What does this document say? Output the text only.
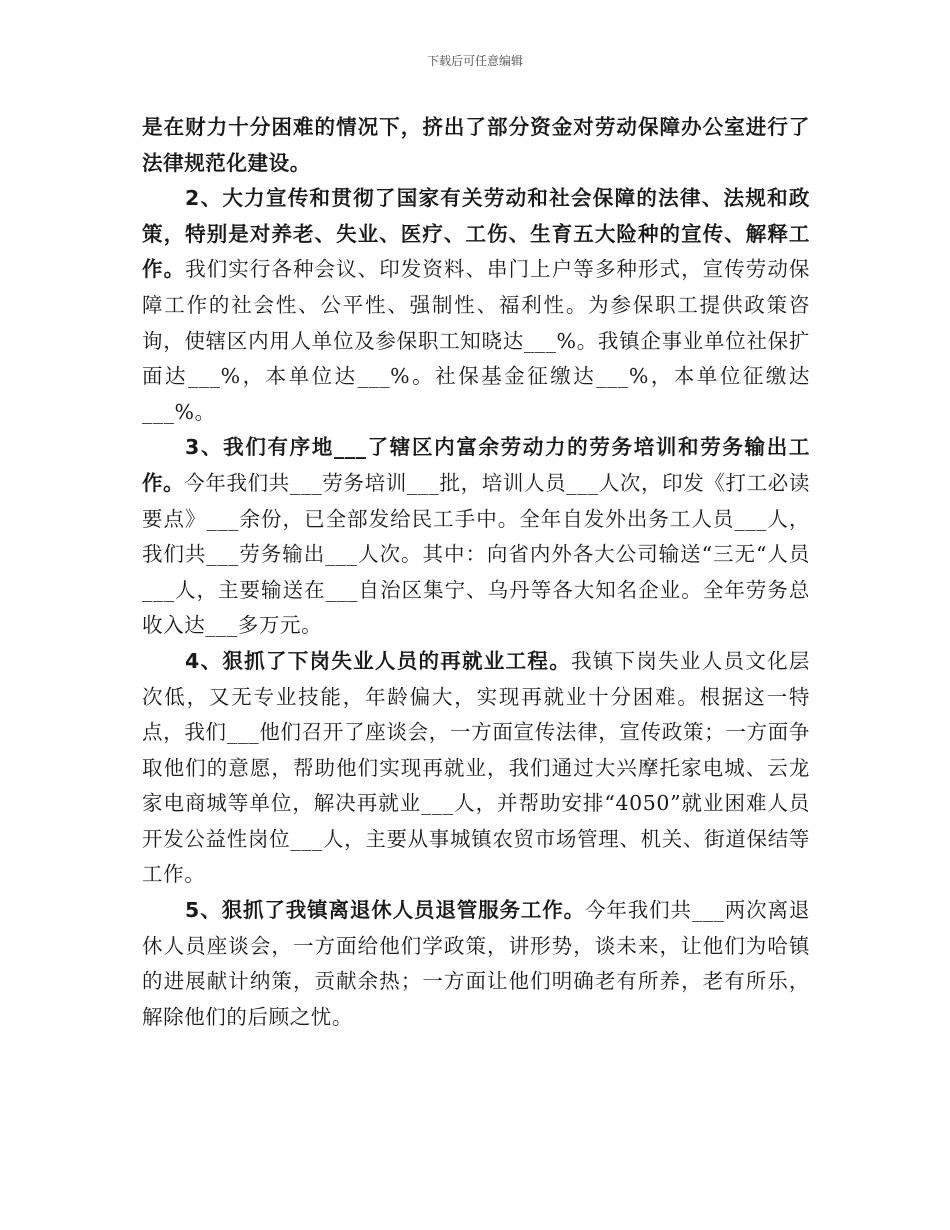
下载后可任意编辑

是在财力十分困难的情况下，挤出了部分资金对劳动保障办公室进行了法律规范化建设。

2、大力宣传和贯彻了国家有关劳动和社会保障的法律、法规和政策，特别是对养老、失业、医疗、工伤、生育五大险种的宣传、解释工作。我们实行各种会议、印发资料、串门上户等多种形式，宣传劳动保障工作的社会性、公平性、强制性、福利性。为参保职工提供政策咨询，使辖区内用人单位及参保职工知晓达___%。我镇企事业单位社保扩面达___%，本单位达___%。社保基金征缴达___%，本单位征缴达___%。

3、我们有序地___了辖区内富余劳动力的劳务培训和劳务输出工作。今年我们共___劳务培训___批，培训人员___人次，印发《打工必读要点》___余份，已全部发给民工手中。全年自发外出务工人员___人，我们共___劳务输出___人次。其中：向省内外各大公司输送“三无“人员___人，主要输送在___自治区集宁、乌丹等各大知名企业。全年劳务总收入达___多万元。

4、狠抓了下岗失业人员的再就业工程。我镇下岗失业人员文化层次低，又无专业技能，年龄偏大，实现再就业十分困难。根据这一特点，我们___他们召开了座谈会，一方面宣传法律，宣传政策；一方面争取他们的意愿，帮助他们实现再就业，我们通过大兴摩托家电城、云龙家电商城等单位，解决再就业___人，并帮助安排“4050”就业困难人员开发公益性岗位___人，主要从事城镇农贸市场管理、机关、街道保结等工作。

5、狠抓了我镇离退休人员退管服务工作。今年我们共___两次离退休人员座谈会，一方面给他们学政策，讲形势，谈未来，让他们为哈镇的进展献计纳策，贡献余热；一方面让他们明确老有所养，老有所乐，解除他们的后顾之忧。
